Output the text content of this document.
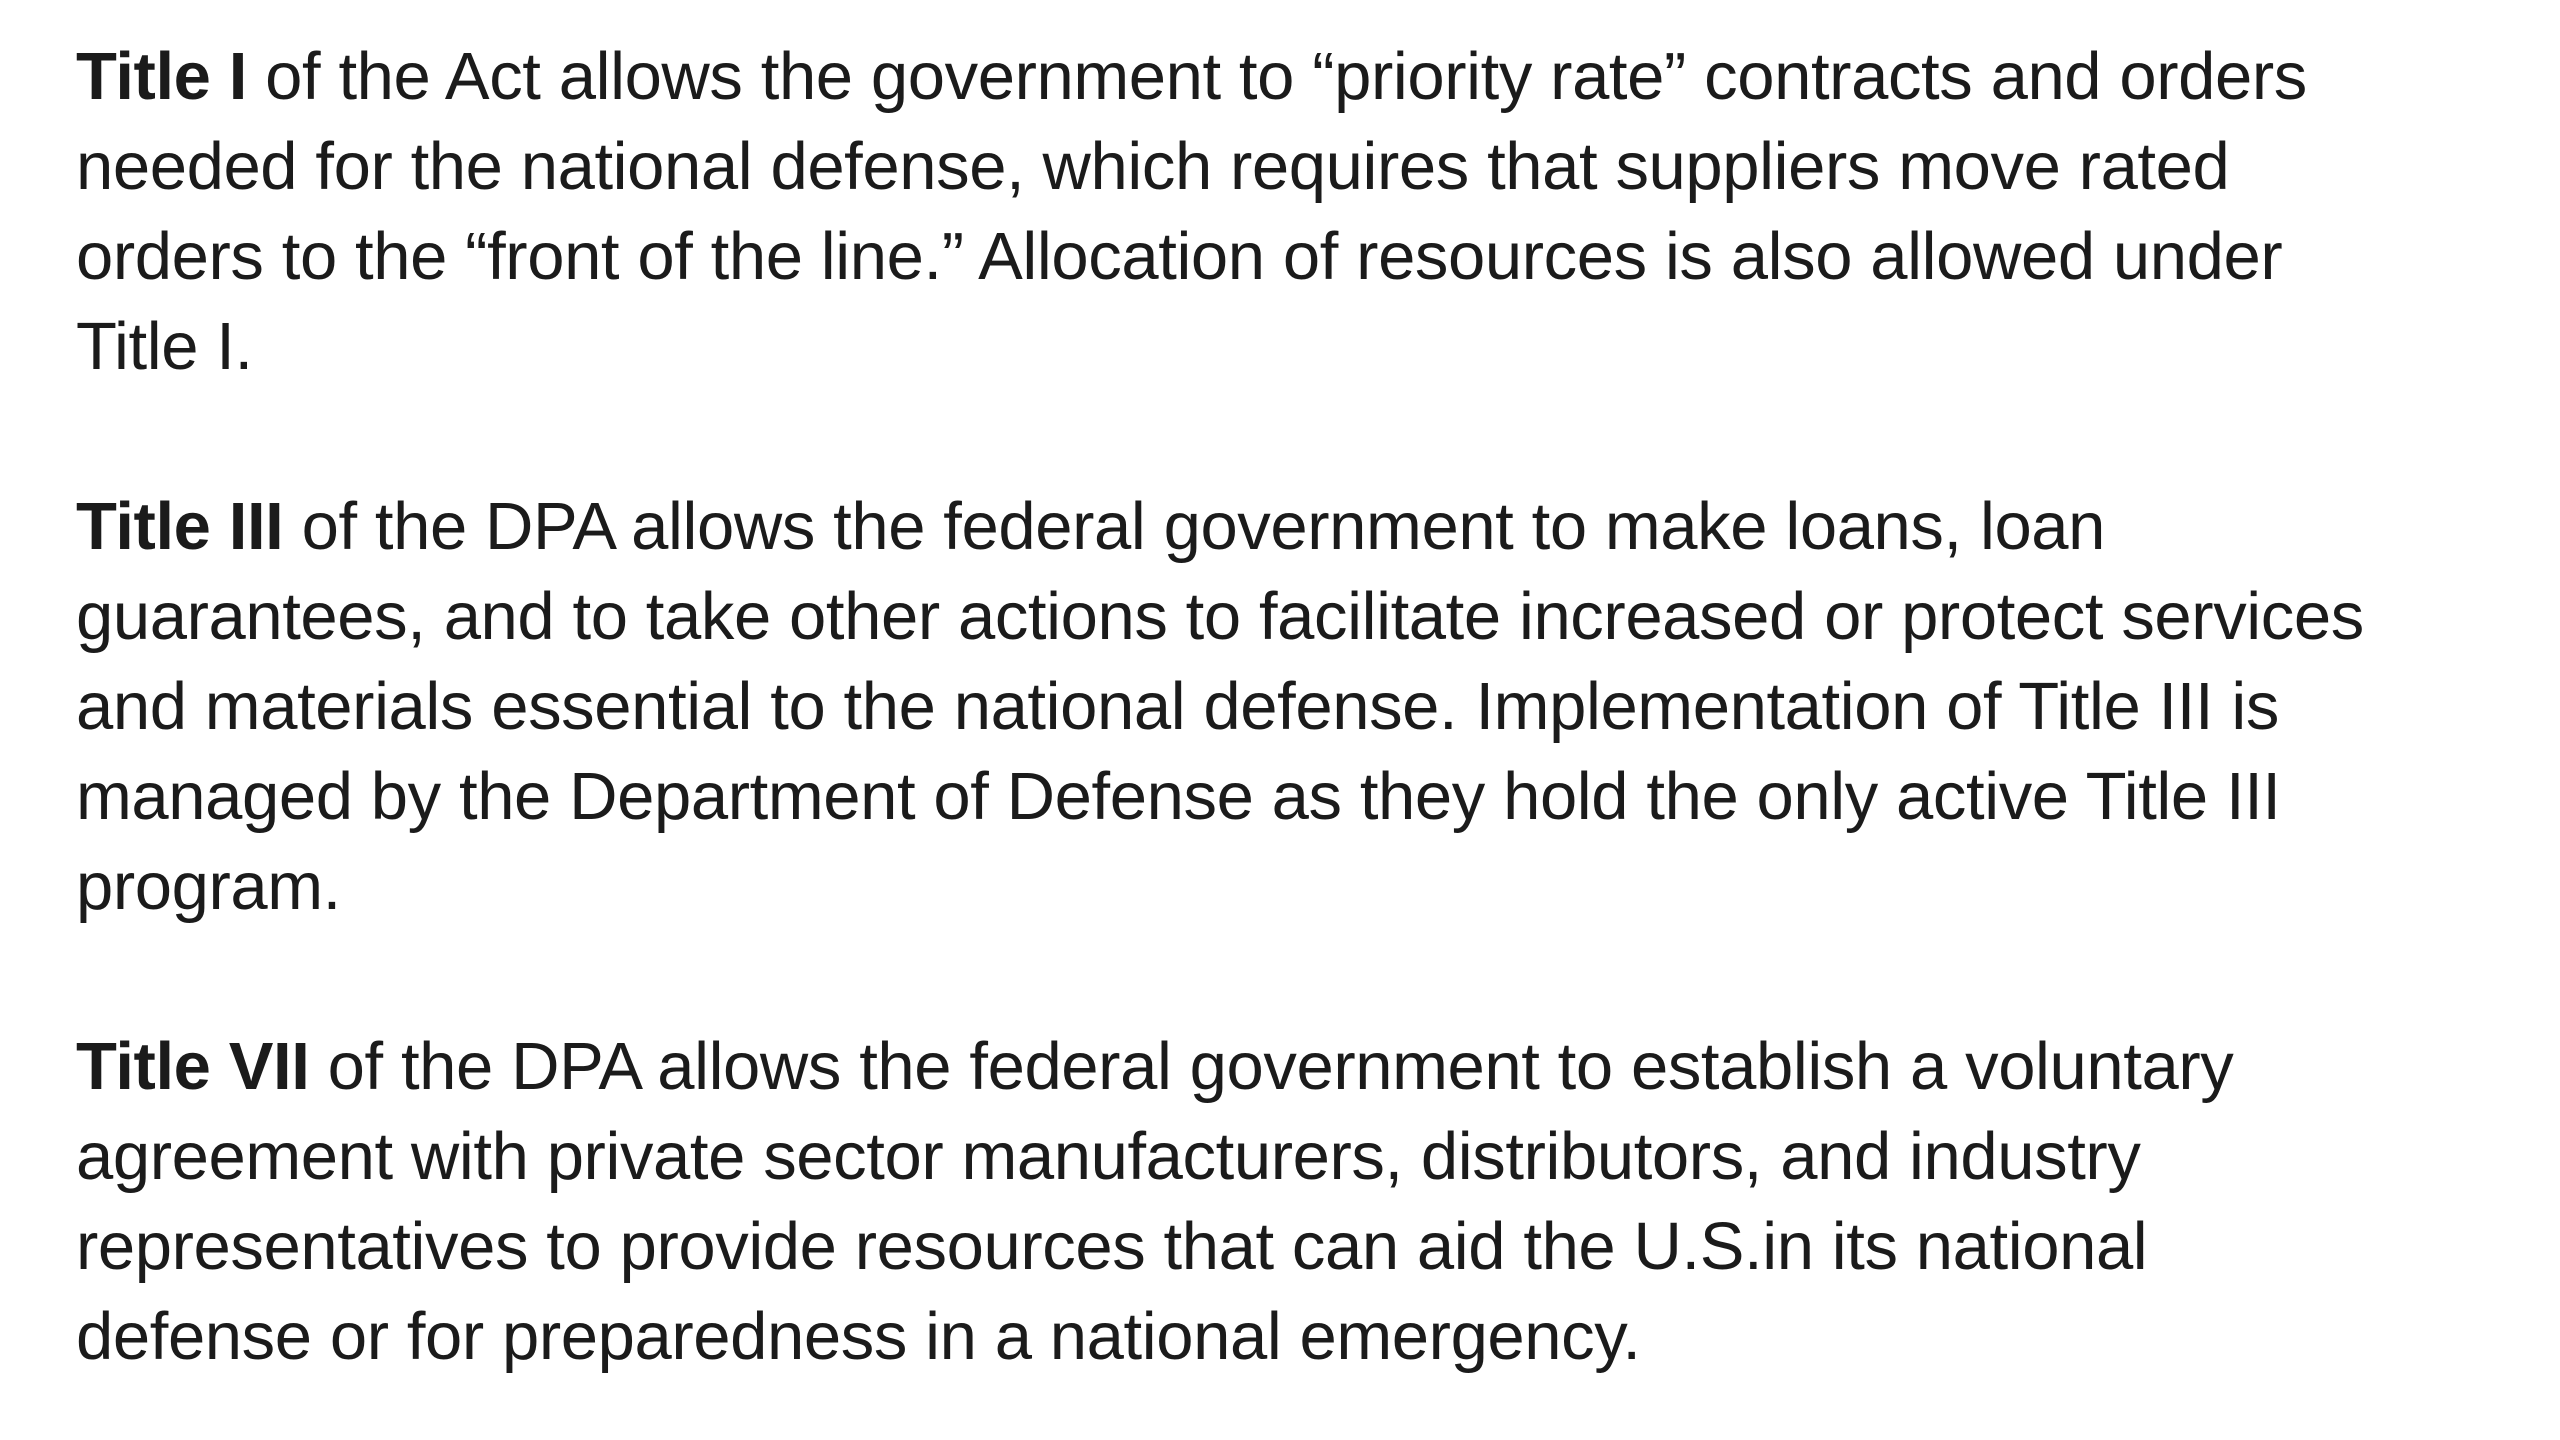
Title I of the Act allows the government to “priority rate” contracts and orders
needed for the national defense, which requires that suppliers move rated
orders to the “front of the line.” Allocation of resources is also allowed under
Title I.

Title III of the DPA allows the federal government to make loans, loan
guarantees, and to take other actions to facilitate increased or protect services
and materials essential to the national defense. Implementation of Title III is
managed by the Department of Defense as they hold the only active Title III
program.

Title VII of the DPA allows the federal government to establish a voluntary
agreement with private sector manufacturers, distributors, and industry
representatives to provide resources that can aid the U.S.in its national
defense or for preparedness in a national emergency.
